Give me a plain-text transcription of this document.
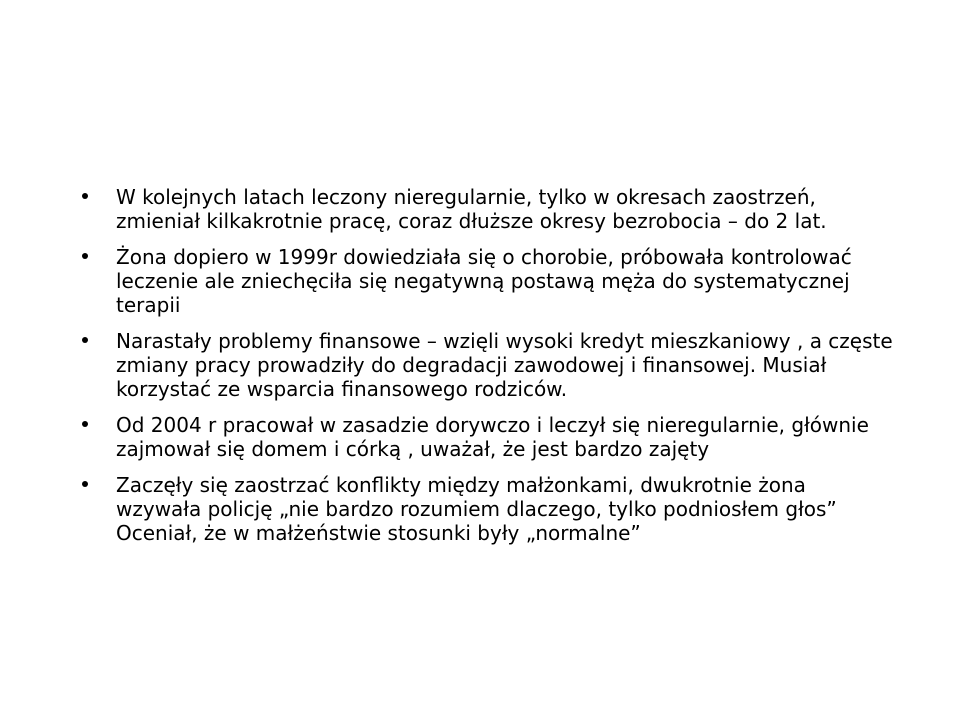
W kolejnych latach leczony nieregularnie, tylko w okresach zaostrzeń, zmieniał kilkakrotnie pracę, coraz dłuższe okresy bezrobocia – do 2 lat.
Żona dopiero w 1999r dowiedziała się o chorobie, próbowała kontrolować leczenie ale zniechęciła się negatywną postawą męża do systematycznej terapii
Narastały problemy finansowe – wzięli wysoki kredyt mieszkaniowy , a częste zmiany pracy prowadziły do degradacji zawodowej i finansowej. Musiał korzystać ze wsparcia finansowego rodziców.
Od 2004 r pracował w zasadzie dorywczo i leczył się nieregularnie, głównie zajmował się domem i córką , uważał, że jest bardzo zajęty
Zaczęły się zaostrzać konflikty między małżonkami, dwukrotnie żona wzywała policję „nie bardzo rozumiem dlaczego, tylko podniosłem głos” Oceniał, że w małżeństwie stosunki były „normalne”
